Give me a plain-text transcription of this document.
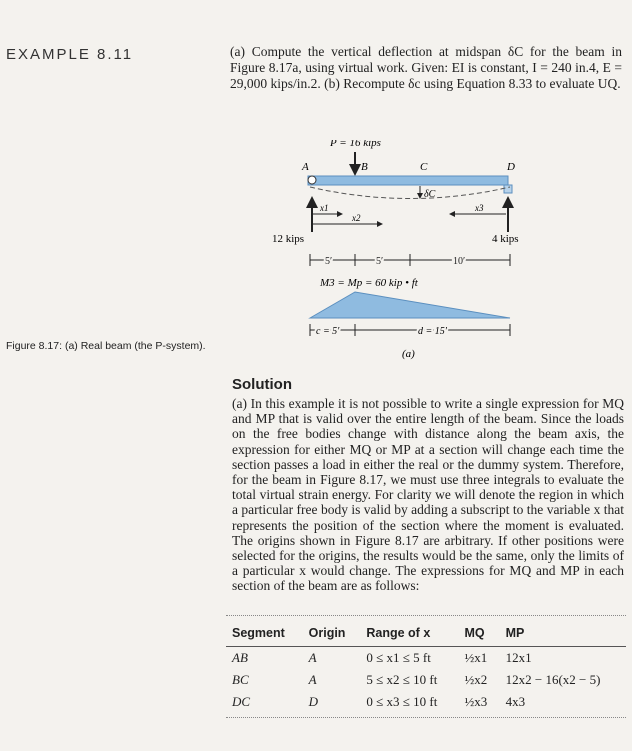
EXAMPLE 8.11	(a) Compute the vertical deflection at midspan δC for the beam in Figure 8.17a, using virtual work. Given: EI is constant, I = 240 in.4, E = 29,000 kips/in.2. (b) Recompute δc using Equation 8.33 to evaluate UQ.
P = 16 kips
A	B	C	D
δC
12 kips	4 kips
x1
x2
x3
5′	5′	10′
M3 = Mp = 60 kip • ft
c = 5′	d = 15′
(a)
Figure 8.17: (a) Real beam (the P-system).
Solution
(a) In this example it is not possible to write a single expression for MQ and MP that is valid over the entire length of the beam. Since the loads on the free bodies change with distance along the beam axis, the expression for either MQ or MP at a section will change each time the section passes a load in either the real or the dummy system. Therefore, for the beam in Figure 8.17, we must use three integrals to evaluate the total virtual strain energy. For clarity we will denote the region in which a particular free body is valid by adding a subscript to the variable x that represents the position of the section where the moment is evaluated. The origins shown in Figure 8.17 are arbitrary. If other positions were selected for the origins, the results would be the same, only the limits of a particular x would change. The expressions for MQ and MP in each section of the beam are as follows:
Segment	Origin	Range of x	MQ	MP
AB	A	0 ≤ x1 ≤ 5 ft	½x1	12x1
BC	A	5 ≤ x2 ≤ 10 ft	½x2	12x2 − 16(x2 − 5)
DC	D	0 ≤ x3 ≤ 10 ft	½x3	4x3
